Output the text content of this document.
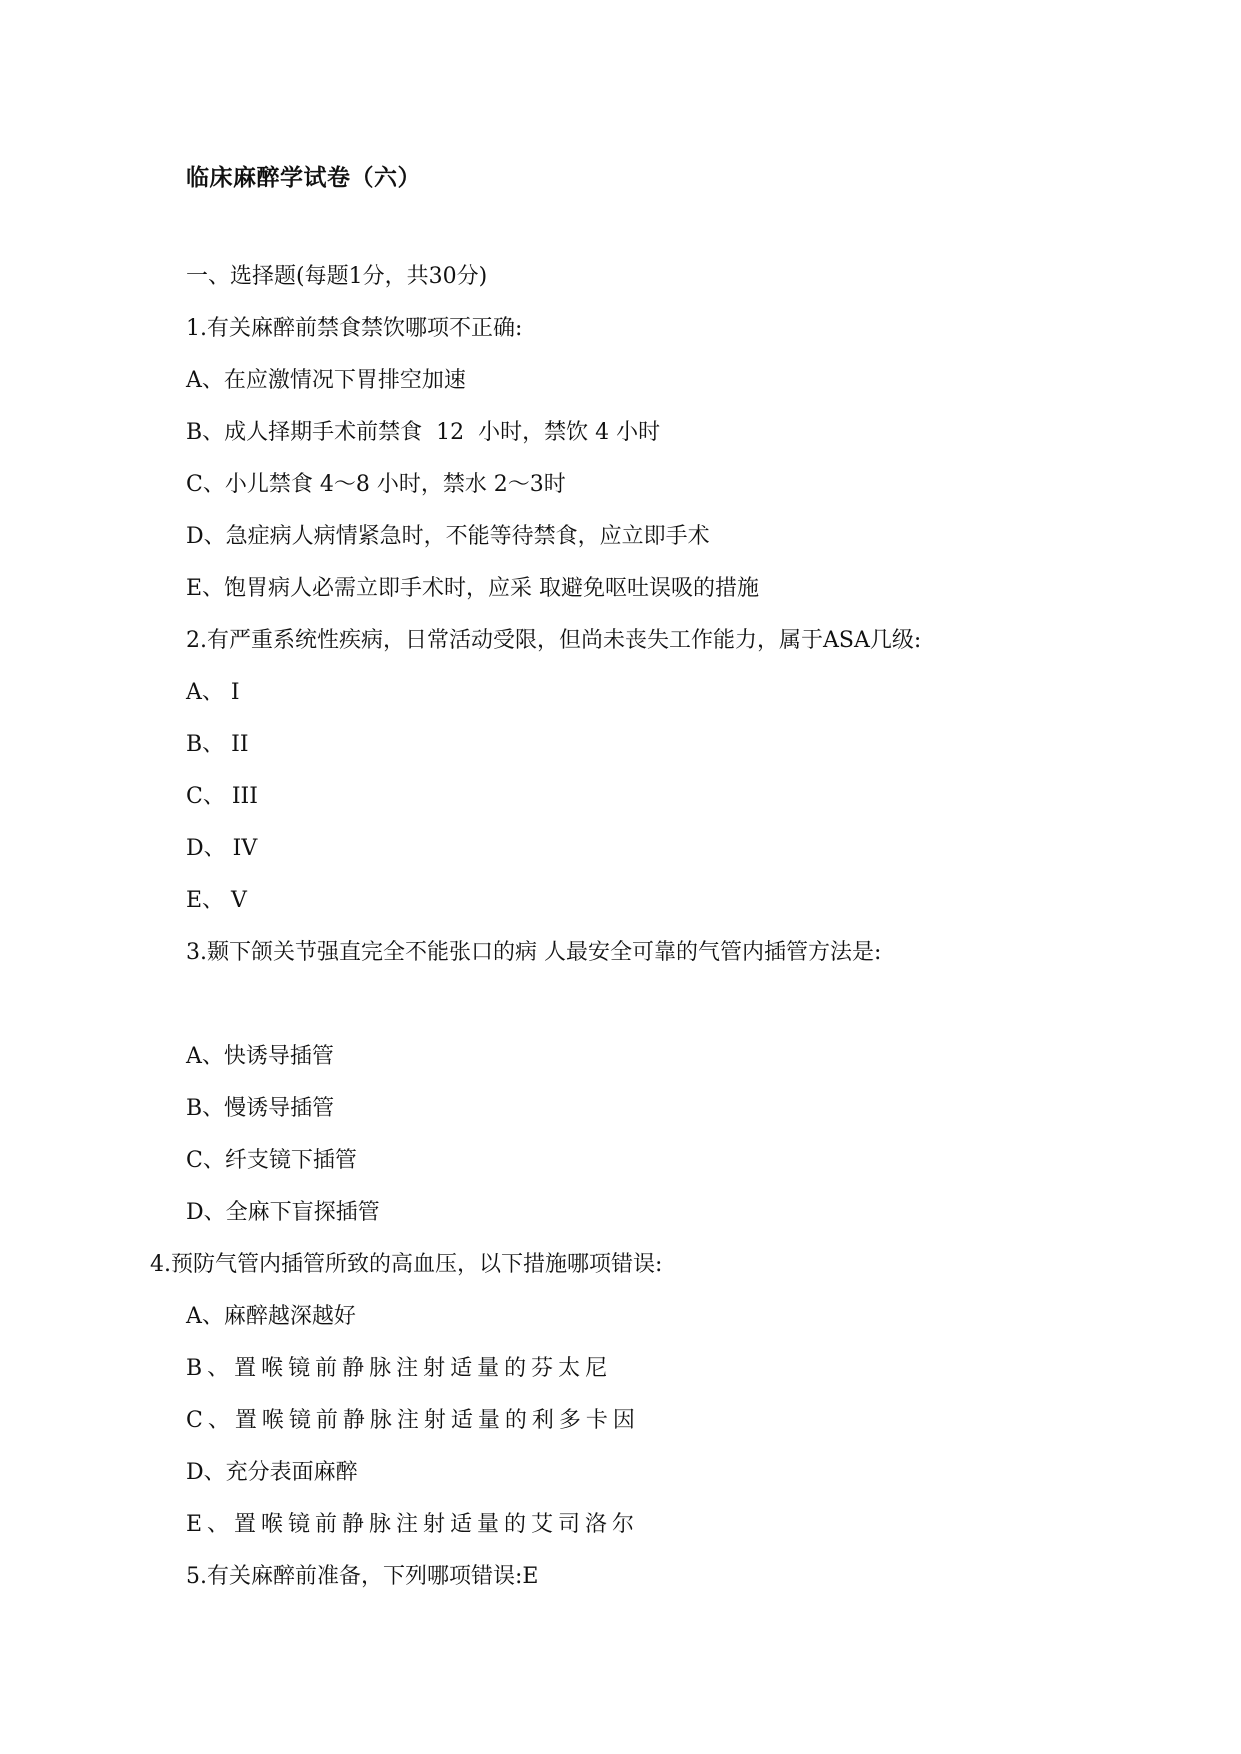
临床麻醉学试卷（六）
一、选择题(每题1分，共30分)
1.有关麻醉前禁食禁饮哪项不正确:
A、在应激情况下胃排空加速
B、成人择期手术前禁食  12  小时，禁饮 4 小时
C、小儿禁食 4～8 小时，禁水 2～3时
D、急症病人病情紧急时，不能等待禁食，应立即手术
E、饱胃病人必需立即手术时，应采 取避免呕吐误吸的措施
2.有严重系统性疾病，日常活动受限，但尚未丧失工作能力，属于ASA几级:
A、 I
B、 II
C、 III
D、 IV
E、 V
3.颞下颌关节强直完全不能张口的病 人最安全可靠的气管内插管方法是:
A、快诱导插管
B、慢诱导插管
C、纤支镜下插管
D、全麻下盲探插管
4.预防气管内插管所致的高血压，以下措施哪项错误:
A、麻醉越深越好
B、置喉镜前静脉注射适量的芬太尼
C、置喉镜前静脉注射适量的利多卡因
D、充分表面麻醉
E、置喉镜前静脉注射适量的艾司洛尔
5.有关麻醉前准备，下列哪项错误:E
